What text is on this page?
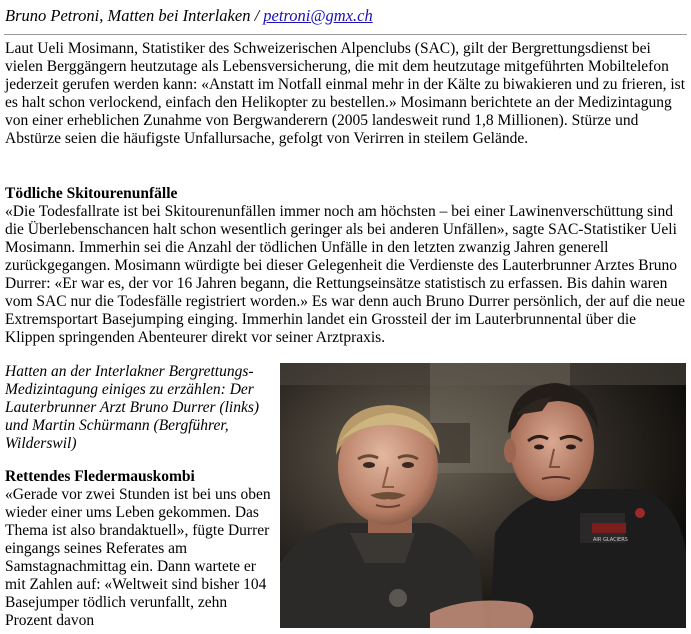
Bruno Petroni, Matten bei Interlaken / petroni@gmx.ch

Laut Ueli Mosimann, Statistiker des Schweizerischen Alpenclubs (SAC), gilt der Bergrettungsdienst bei vielen Berggängern heutzutage als Lebensversicherung, die mit dem heutzutage mitgeführten Mobiltelefon jederzeit gerufen werden kann: «Anstatt im Notfall einmal mehr in der Kälte zu biwakieren und zu frieren, ist es halt schon verlockend, einfach den Helikopter zu bestellen.» Mosimann berichtete an der Medizintagung von einer erheblichen Zunahme von Bergwanderern (2005 landesweit rund 1,8 Millionen). Stürze und Abstürze seien die häufigste Unfallursache, gefolgt von Verirren in steilem Gelände.

Tödliche Skitourenunfälle

«Die Todesfallrate ist bei Skitourenunfällen immer noch am höchsten – bei einer Lawinenverschüttung sind die Überlebenschancen halt schon wesentlich geringer als bei anderen Unfällen», sagte SAC-Statistiker Ueli Mosimann. Immerhin sei die Anzahl der tödlichen Unfälle in den letzten zwanzig Jahren generell zurückgegangen. Mosimann würdigte bei dieser Gelegenheit die Verdienste des Lauterbrunner Arztes Bruno Durrer: «Er war es, der vor 16 Jahren begann, die Rettungseinsätze statistisch zu erfassen. Bis dahin waren vom SAC nur die Todesfälle registriert worden.» Es war denn auch Bruno Durrer persönlich, der auf die neue Extremsportart Basejumping einging. Immerhin landet ein Grossteil der im Lauterbrunnental über die Klippen springenden Abenteurer direkt vor seiner Arztpraxis.

Hatten an der Interlakner Bergrettungs-Medizintagung einiges zu erzählen: Der Lauterbrunner Arzt Bruno Durrer (links) und Martin Schürmann (Bergführer, Wilderswil)

Rettendes Fledermauskombi

«Gerade vor zwei Stunden ist bei uns oben wieder einer ums Leben gekommen. Das Thema ist also brandaktuell», fügte Durrer eingangs seines Referates am Samstagnachmittag ein. Dann wartete er mit Zahlen auf: «Weltweit sind bisher 104 Basejumper tödlich verunfallt, zehn Prozent davon

AIR GLACIERS
